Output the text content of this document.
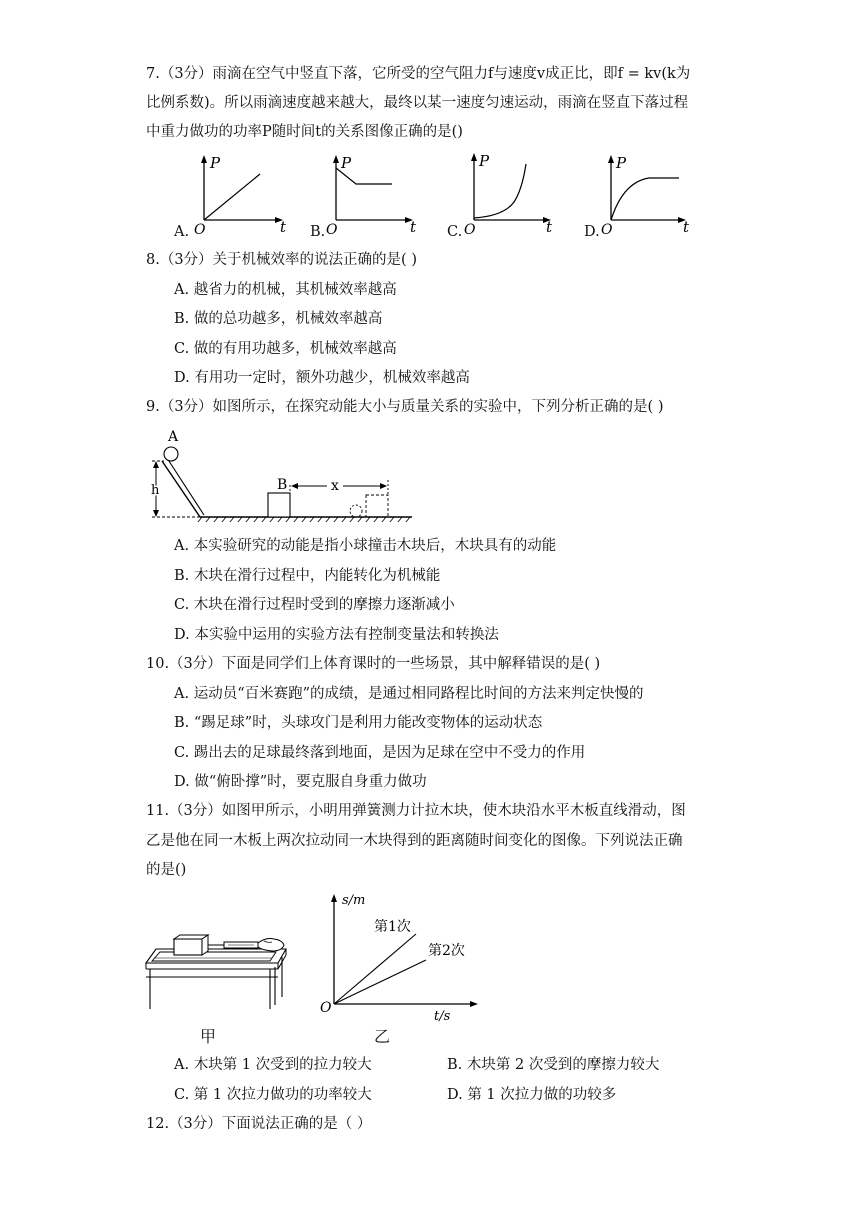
7.（3分）雨滴在空气中竖直下落，它所受的空气阻力f与速度v成正比，即f = kv(k为
比例系数)。所以雨滴速度越来越大，最终以某一速度匀速运动，雨滴在竖直下落过程
中重力做功的功率P随时间t的关系图像正确的是()
A.
P
t
O	B.
P
t
O	C.
P
t
O	D.
P
t
O
8.（3分）关于机械效率的说法正确的是( )
A. 越省力的机械，其机械效率越高
B. 做的总功越多，机械效率越高
C. 做的有用功越多，机械效率越高
D. 有用功一定时，额外功越少，机械效率越高
9.（3分）如图所示，在探究动能大小与质量关系的实验中，下列分析正确的是( )
A
h	B	x
A. 本实验研究的动能是指小球撞击木块后，木块具有的动能
B. 木块在滑行过程中，内能转化为机械能
C. 木块在滑行过程时受到的摩擦力逐渐减小
D. 本实验中运用的实验方法有控制变量法和转换法
10.（3分）下面是同学们上体育课时的一些场景，其中解释错误的是( )
A. 运动员“百米赛跑”的成绩，是通过相同路程比时间的方法来判定快慢的
B. “踢足球”时，头球攻门是利用力能改变物体的运动状态
C. 踢出去的足球最终落到地面，是因为足球在空中不受力的作用
D. 做“俯卧撑”时，要克服自身重力做功
11.（3分）如图甲所示，小明用弹簧测力计拉木块，使木块沿水平木板直线滑动，图
乙是他在同一木板上两次拉动同一木块得到的距离随时间变化的图像。下列说法正确
的是()
甲
s/m
t/s
O
第1次
第2次
乙
A. 木块第 1 次受到的拉力较大	B. 木块第 2 次受到的摩擦力较大
C. 第 1 次拉力做功的功率较大	D. 第 1 次拉力做的功较多
12.（3分）下面说法正确的是（ ）
